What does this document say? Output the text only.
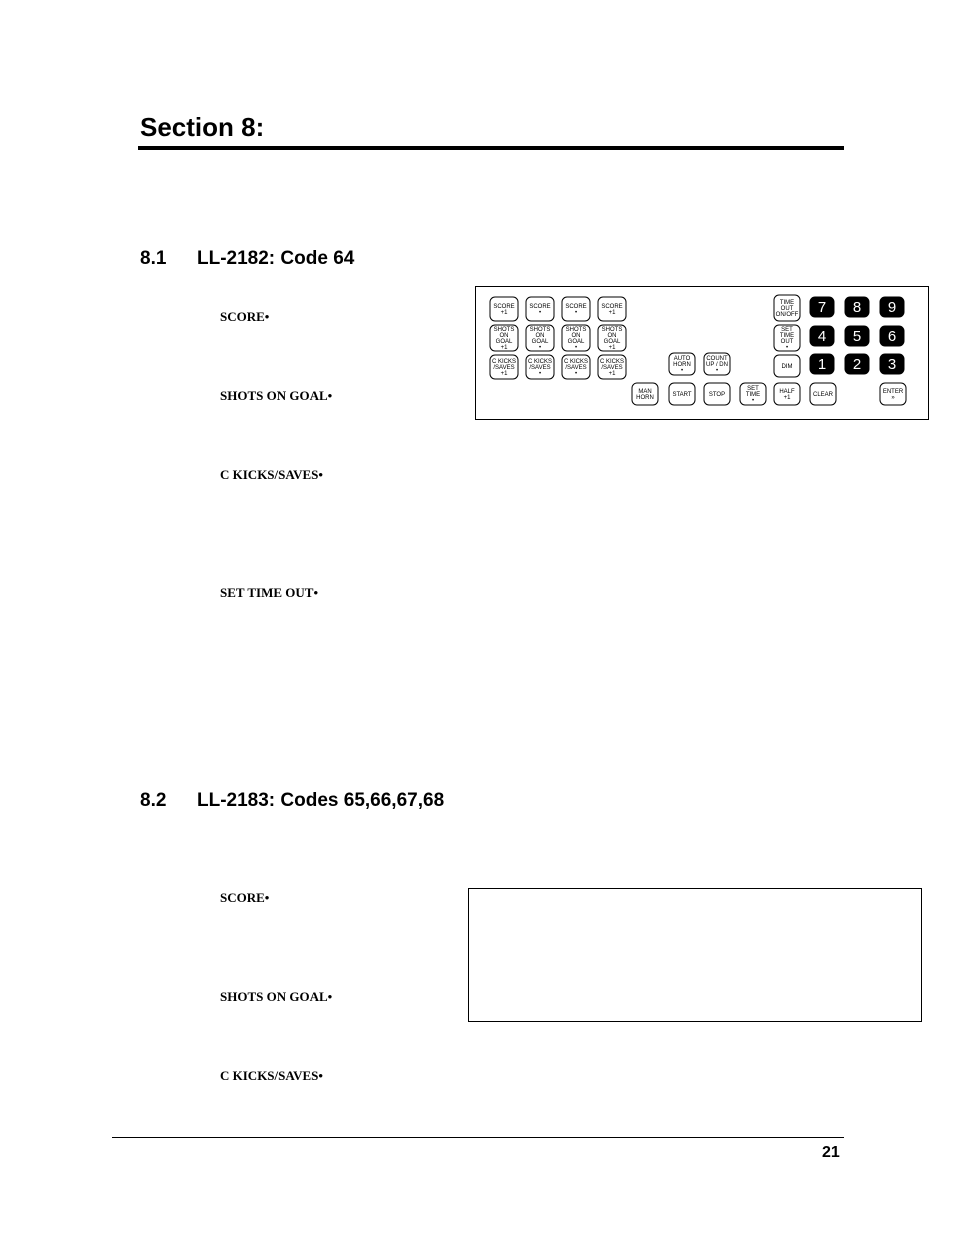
Section 8:
8.1 LL-2182: Code 64
SCORE•
SHOTS ON GOAL•
C KICKS/SAVES•
SET TIME OUT•
SCORE
+1
SCORE
•
SCORE
•
SCORE
+1
SHOTS
ON
GOAL
+1
SHOTS
ON
GOAL
•
SHOTS
ON
GOAL
•
SHOTS
ON
GOAL
+1
C KICKS
/SAVES
+1
C KICKS
/SAVES
•
C KICKS
/SAVES
•
C KICKS
/SAVES
+1
AUTO
HORN
•
COUNT
UP / DN
•
MAN
HORN	START	STOP
SET
TIME
•
TIME
OUT
ON/OFF
SET
TIME
OUT
•
DIM
HALF
+1	CLEAR	ENTER
»
7 8 9
4 5 6
1 2 3
8.2 LL-2183: Codes 65,66,67,68
SCORE•
SHOTS ON GOAL•
C KICKS/SAVES•
21
